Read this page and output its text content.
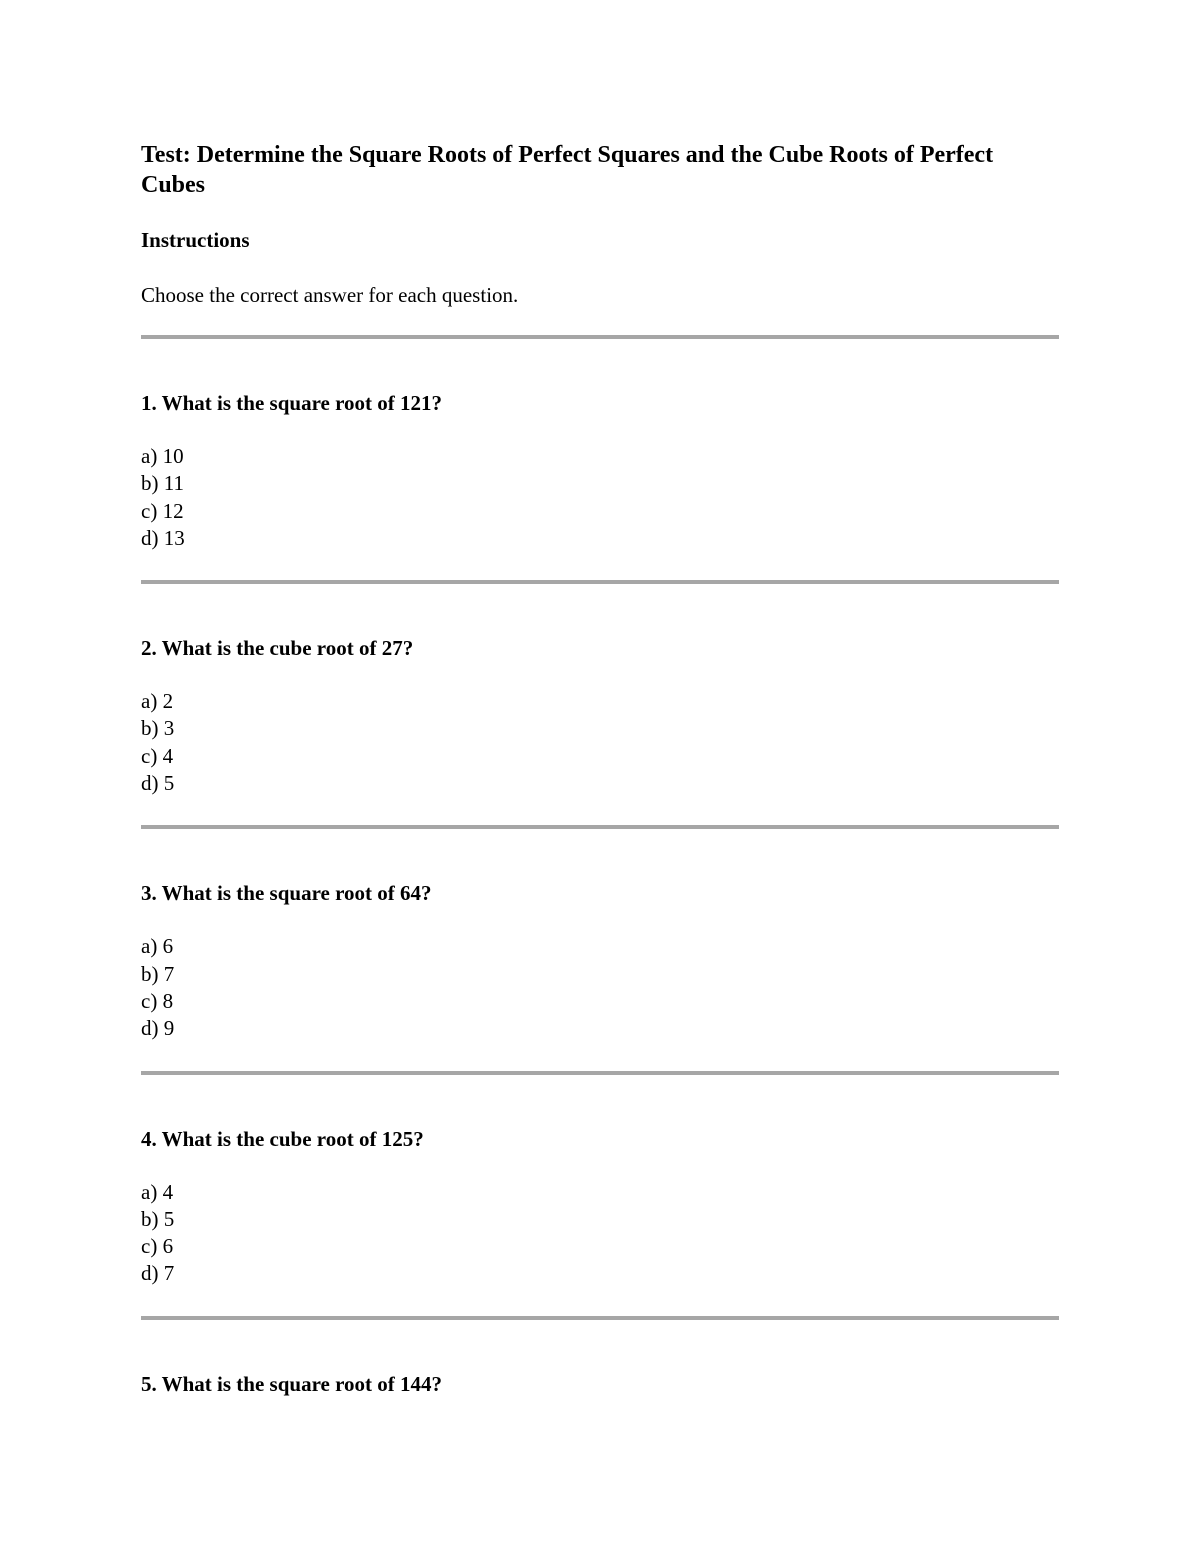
Test: Determine the Square Roots of Perfect Squares and the Cube Roots of Perfect Cubes
Instructions
Choose the correct answer for each question.
1. What is the square root of 121?
a) 10
b) 11
c) 12
d) 13
2. What is the cube root of 27?
a) 2
b) 3
c) 4
d) 5
3. What is the square root of 64?
a) 6
b) 7
c) 8
d) 9
4. What is the cube root of 125?
a) 4
b) 5
c) 6
d) 7
5. What is the square root of 144?
